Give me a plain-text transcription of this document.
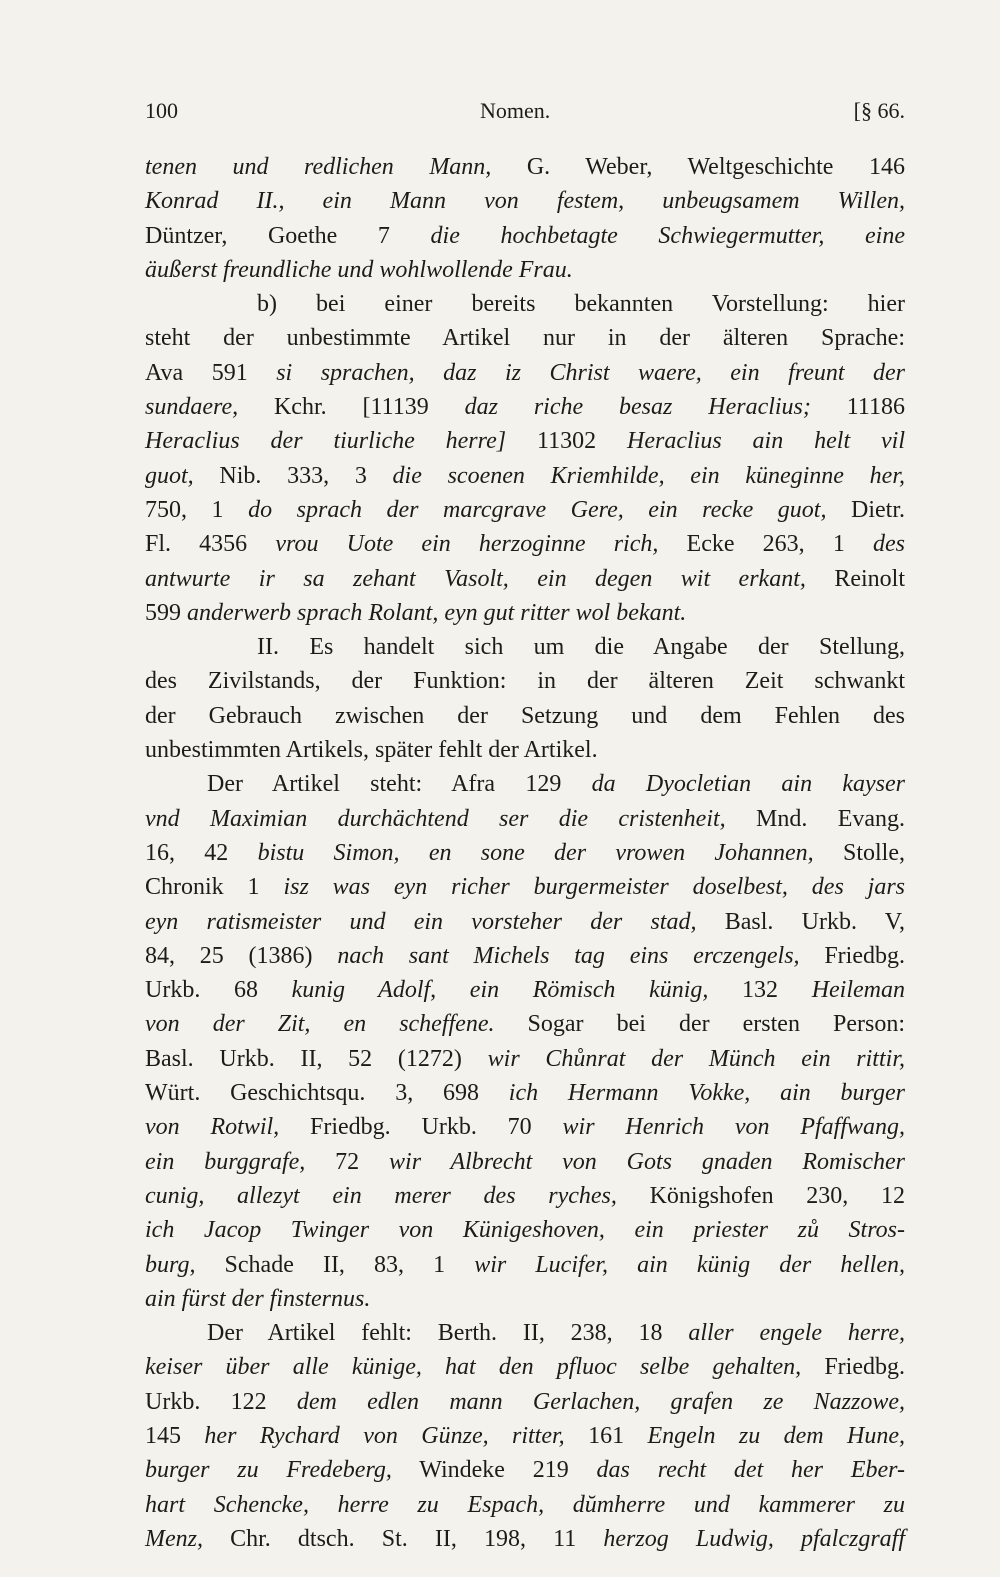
100	Nomen.	[§ 66.
tenen und redlichen Mann, G. Weber, Weltgeschichte 146
Konrad II., ein Mann von festem, unbeugsamem Willen,
Düntzer, Goethe 7 die hochbetagte Schwiegermutter, eine
äußerst freundliche und wohlwollende Frau.
b) bei einer bereits bekannten Vorstellung: hier
steht der unbestimmte Artikel nur in der älteren Sprache:
Ava 591 si sprachen, daz iz Christ waere, ein freunt der
sundaere, Kchr. [11139 daz riche besaz Heraclius; 11186
Heraclius der tiurliche herre] 11302 Heraclius ain helt vil
guot, Nib. 333, 3 die scoenen Kriemhilde, ein küneginne her,
750, 1 do sprach der marcgrave Gere, ein recke guot, Dietr.
Fl. 4356 vrou Uote ein herzoginne rich, Ecke 263, 1 des
antwurte ir sa zehant Vasolt, ein degen wit erkant, Reinolt
599 anderwerb sprach Rolant, eyn gut ritter wol bekant.
II. Es handelt sich um die Angabe der Stellung,
des Zivilstands, der Funktion: in der älteren Zeit schwankt
der Gebrauch zwischen der Setzung und dem Fehlen des
unbestimmten Artikels, später fehlt der Artikel.
Der Artikel steht: Afra 129 da Dyocletian ain kayser
vnd Maximian durchächtend ser die cristenheit, Mnd. Evang.
16, 42 bistu Simon, en sone der vrowen Johannen, Stolle,
Chronik 1 isz was eyn richer burgermeister doselbest, des jars
eyn ratismeister und ein vorsteher der stad, Basl. Urkb. V,
84, 25 (1386) nach sant Michels tag eins erczengels, Friedbg.
Urkb. 68 kunig Adolf, ein Römisch künig, 132 Heileman
von der Zit, en scheffene. Sogar bei der ersten Person:
Basl. Urkb. II, 52 (1272) wir Chůnrat der Münch ein rittir,
Würt. Geschichtsqu. 3, 698 ich Hermann Vokke, ain burger
von Rotwil, Friedbg. Urkb. 70 wir Henrich von Pfaffwang,
ein burggrafe, 72 wir Albrecht von Gots gnaden Romischer
cunig, allezyt ein merer des ryches, Königshofen 230, 12
ich Jacop Twinger von Künigeshoven, ein priester zů Stros-
burg, Schade II, 83, 1 wir Lucifer, ain künig der hellen,
ain fürst der finsternus.
Der Artikel fehlt: Berth. II, 238, 18 aller engele herre,
keiser über alle künige, hat den pfluoc selbe gehalten, Friedbg.
Urkb. 122 dem edlen mann Gerlachen, grafen ze Nazzowe,
145 her Rychard von Günze, ritter, 161 Engeln zu dem Hune,
burger zu Fredeberg, Windeke 219 das recht det her Eber-
hart Schencke, herre zu Espach, dŭmherre und kammerer zu
Menz, Chr. dtsch. St. II, 198, 11 herzog Ludwig, pfalczgraff
